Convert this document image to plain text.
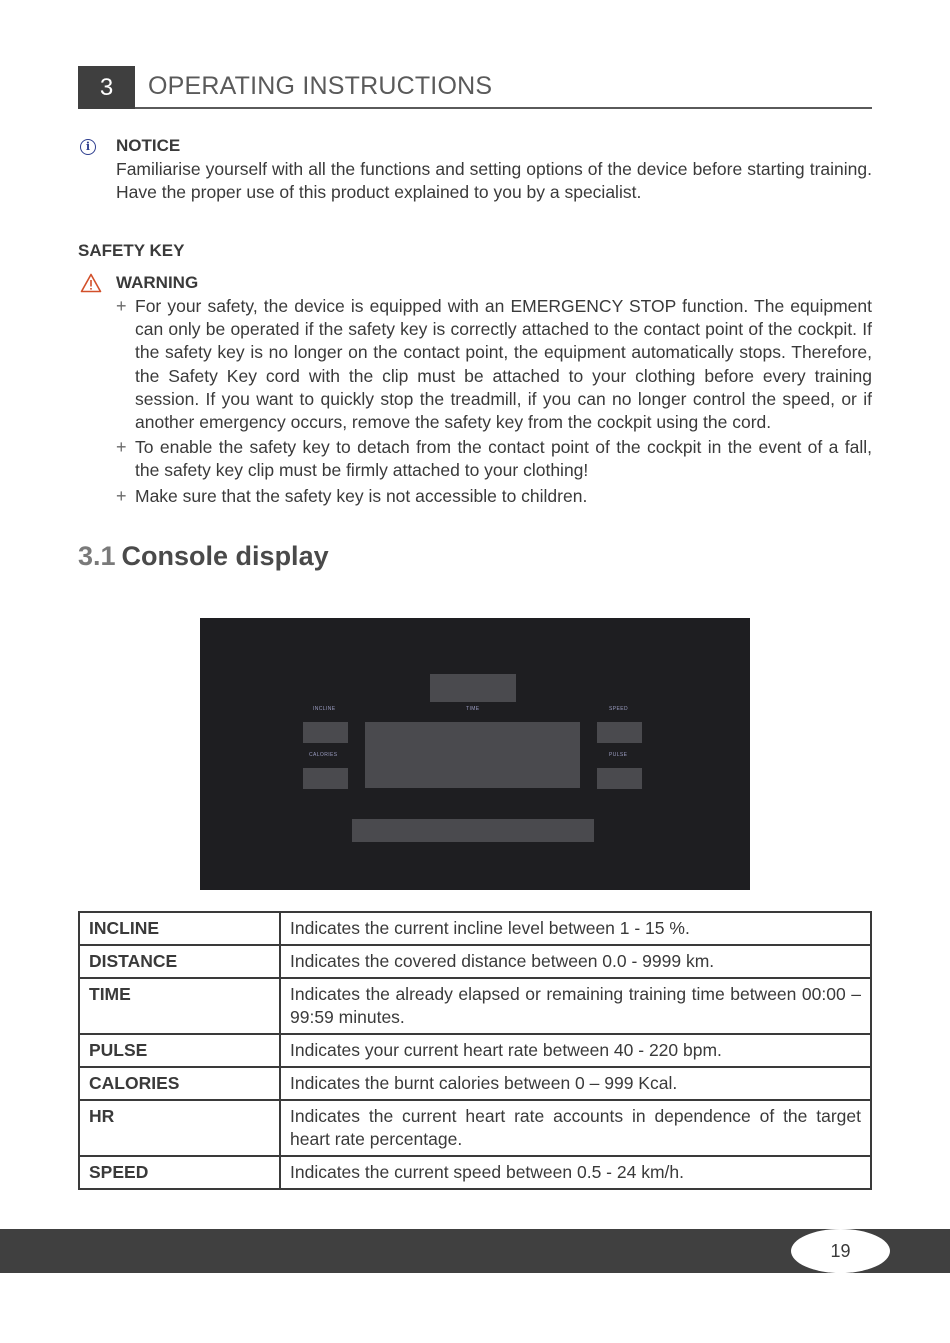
3	OPERATING INSTRUCTIONS
i	NOTICE
Familiarise yourself with all the functions and setting options of the device before starting training. Have the proper use of this product explained to you by a specialist.
SAFETY KEY
WARNING
+ For your safety, the device is equipped with an EMERGENCY STOP function. The equipment can only be operated if the safety key is correctly attached to the contact point of the cockpit. If the safety key is no longer on the contact point, the equipment automatically stops. Therefore, the Safety Key cord with the clip must be attached to your clothing before every training session. If you want to quickly stop the treadmill, if you can no longer control the speed, or if another emergency occurs, remove the safety key from the cockpit using the cord.
+ To enable the safety key to detach from the contact point of the cockpit in the event of a fall, the safety key clip must be firmly attached to your clothing!
+ Make sure that the safety key is not accessible to children.
3.1 Console display
INCLINE	TIME	SPEED
CALORIES	PULSE
INCLINE	Indicates the current incline level between 1 - 15 %.
DISTANCE	Indicates the covered distance between 0.0 - 9999 km.
TIME	Indicates the already elapsed or remaining training time between 00:00 – 99:59 minutes.
PULSE	Indicates your current heart rate between 40 - 220 bpm.
CALORIES	Indicates the burnt calories between 0 – 999 Kcal.
HR	Indicates the current heart rate accounts in dependence of the target heart rate percentage.
SPEED	Indicates the current speed between 0.5 - 24 km/h.
19
